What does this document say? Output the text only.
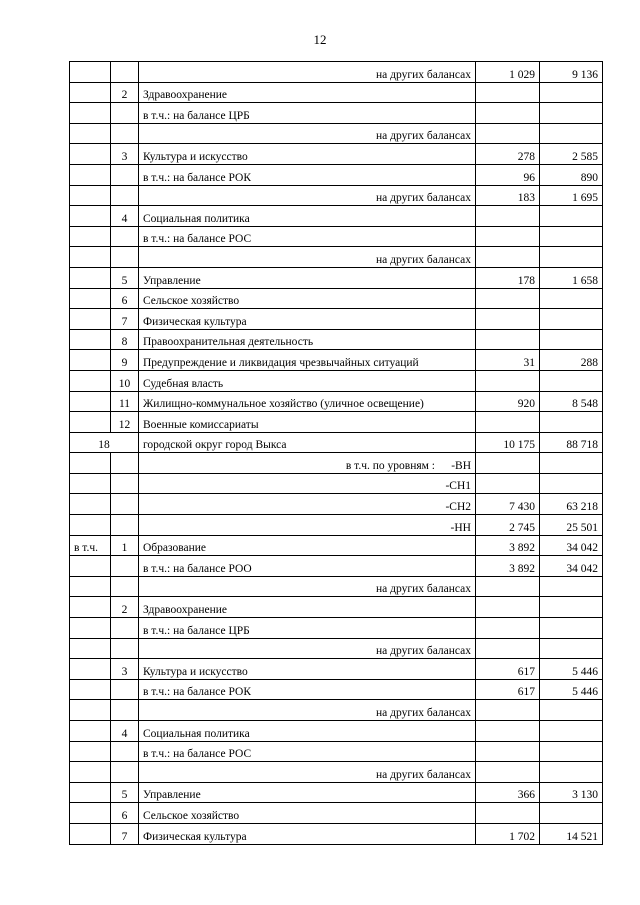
12
		на других балансах	1 029	9 136
	2	Здравоохранение		
		в т.ч.: на балансе ЦРБ		
		на других балансах		
	3	Культура и искусство	278	2 585
		в т.ч.: на балансе РОК	96	890
		на других балансах	183	1 695
	4	Социальная политика		
		в т.ч.: на балансе РОС		
		на других балансах		
	5	Управление	178	1 658
	6	Сельское хозяйство		
	7	Физическая культура		
	8	Правоохранительная деятельность		
	9	Предупреждение и ликвидация чрезвычайных ситуаций	31	288
	10	Судебная власть		
	11	Жилищно-коммунальное хозяйство (уличное освещение)	920	8 548
	12	Военные комиссариаты		
18		городской округ город Выкса	10 175	88 718
		в т.ч. по уровням : -ВН		
		-СН1		
		-СН2	7 430	63 218
		-НН	2 745	25 501
в т.ч.	1	Образование	3 892	34 042
		в т.ч.: на балансе РОО	3 892	34 042
		на других балансах		
	2	Здравоохранение		
		в т.ч.: на балансе ЦРБ		
		на других балансах		
	3	Культура и искусство	617	5 446
		в т.ч.: на балансе РОК	617	5 446
		на других балансах		
	4	Социальная политика		
		в т.ч.: на балансе РОС		
		на других балансах		
	5	Управление	366	3 130
	6	Сельское хозяйство		
	7	Физическая культура	1 702	14 521
